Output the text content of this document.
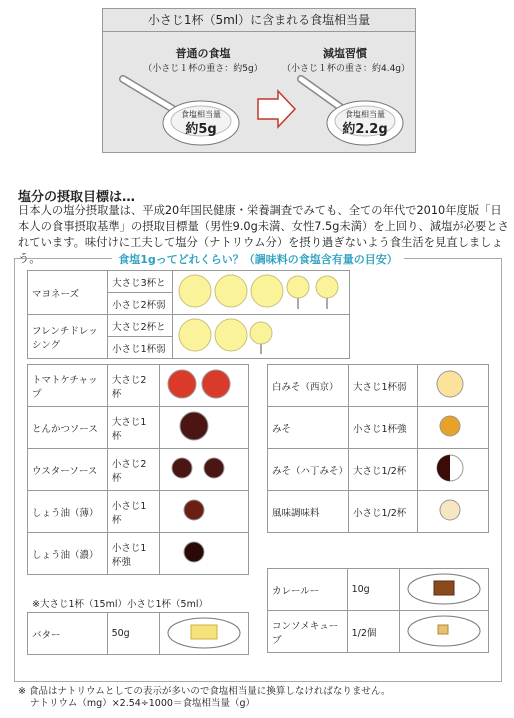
小さじ1杯（5ml）に含まれる食塩相当量
普通の食塩
（小さじ１杯の重さ：約5g）
減塩習慣
（小さじ１杯の重さ：約4.4g）
食塩相当量
約5g
食塩相当量
約2.2g
塩分の摂取目標は…
日本人の塩分摂取量は、平成20年国民健康・栄養調査でみても、全ての年代で2010年度版「日
本人の食事摂取基準」の摂取目標量（男性9.0g未満、女性7.5g未満）を上回り、減塩が必要とさ
れています。味付けに工夫して塩分（ナトリウム分）を摂り過ぎないよう食生活を見直しましょう。	食塩1gってどれくらい？（調味料の食塩含有量の目安）
マヨネーズ	大さじ3杯と	
	小さじ2杯弱	
フレンチドレッシング	大さじ2杯と	
	小さじ1杯弱	
トマトケチャップ	大さじ2杯	
とんかつソース	大さじ1杯	
ウスターソース	小さじ2杯	
しょう油（薄）	小さじ1杯	
しょう油（濃）	小さじ1杯強	
白みそ（西京）	大さじ1杯弱	
みそ	小さじ1杯強	
みそ（ハ丁みそ）	大さじ1/2杯	
風味調味料	小さじ1/2杯	
※大さじ1杯（15ml）小さじ1杯（5ml）
バター	50g	
カレールー	10g	
コンソメキューブ	1/2個	
※ 食品はナトリウムとしての表示が多いので食塩相当量に換算しなければなりません。
ナトリウム（mg）×2.54÷1000＝食塩相当量（g）
